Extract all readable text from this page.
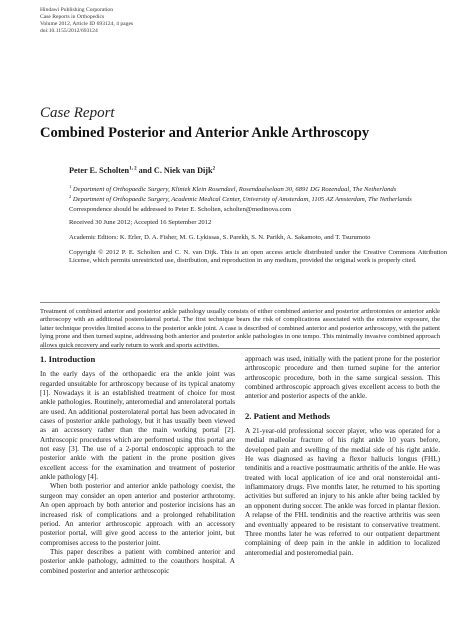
Hindawi Publishing Corporation
Case Reports in Orthopedics
Volume 2012, Article ID 693124, 4 pages
doi:10.1155/2012/693124
Case Report
Combined Posterior and Anterior Ankle Arthroscopy
Peter E. Scholten$^{1, 2}$ and C. Niek van Dijk$^2$
$^1$ Department of Orthopaedic Surgery, Kliniek Klein Rosendael, Rosendaalselaan 30, 6891 DG Rozendaal, The Netherlands
$^2$ Department of Orthopaedic Surgery, Academic Medical Center, University of Amsterdam, 1105 AZ Amsterdam, The Netherlands
Correspondence should be addressed to Peter E. Scholten, scholten@medinova.com
Received 30 June 2012; Accepted 16 September 2012
Academic Editors: K. Erler, D. A. Fisher, M. G. Lykissas, S. Parekh, S. N. Parikh, A. Sakamoto, and T. Tsurumoto
Copyright © 2012 P. E. Scholten and C. N. van Dijk. This is an open access article distributed under the Creative Commons Attribution License, which permits unrestricted use, distribution, and reproduction in any medium, provided the original work is properly cited.
Treatment of combined anterior and posterior ankle pathology usually consists of either combined anterior and posterior arthrotomies or anterior ankle arthroscopy with an additional posterolateral portal. The first technique bears the risk of complications associated with the extensive exposure, the latter technique provides limited access to the posterior ankle joint. A case is described of combined anterior and posterior arthroscopy, with the patient lying prone and then turned supine, addressing both anterior and posterior ankle pathologies in one tempo. This minimally invasive combined approach allows quick recovery and early return to work and sports activities.
1. Introduction

In the early days of the orthopaedic era the ankle joint was regarded unsuitable for arthroscopy because of its typical anatomy [1]. Nowadays it is an established treatment of choice for most ankle pathologies. Routinely, anteromedial and anterolateral portals are used. An additional posterolateral portal has been advocated in cases of posterior ankle pathology, but it has usually been viewed as an accessory rather than the main working portal [2]. Arthroscopic procedures which are performed using this portal are not easy [3]. The use of a 2-portal endoscopic approach to the posterior ankle with the patient in the prone position gives excellent access for the examination and treatment of posterior ankle pathology [4].

When both posterior and anterior ankle pathology coexist, the surgeon may consider an open anterior and posterior arthrotomy. An open approach by both anterior and posterior incisions has an increased risk of complications and a prolonged rehabilitation period. An anterior arthroscopic approach with an accessory posterior portal, will give good access to the anterior joint, but compromises access to the posterior joint.

This paper describes a patient with combined anterior and posterior ankle pathology, admitted to the coauthors hospital. A combined posterior and anterior arthroscopic

approach was used, initially with the patient prone for the posterior arthroscopic procedure and then turned supine for the anterior arthroscopic procedure, both in the same surgical session. This combined arthroscopic approach gives excellent access to both the anterior and posterior aspects of the ankle.

2. Patient and Methods

A 21-year-old professional soccer player, who was operated for a medial malleolar fracture of his right ankle 10 years before, developed pain and swelling of the medial side of his right ankle. He was diagnosed as having a flexor hallucis longus (FHL) tendinitis and a reactive posttraumatic arthritis of the ankle. He was treated with local application of ice and oral nonsteroidal anti-inflammatory drugs. Five months later, he returned to his sporting activities but suffered an injury to his ankle after being tackled by an opponent during soccer. The ankle was forced in plantar flexion. A relapse of the FHL tendinitis and the reactive arthritis was seen and eventually appeared to be resistant to conservative treatment. Three months later he was referred to our outpatient department complaining of deep pain in the ankle in addition to localized anteromedial and posteromedial pain.
